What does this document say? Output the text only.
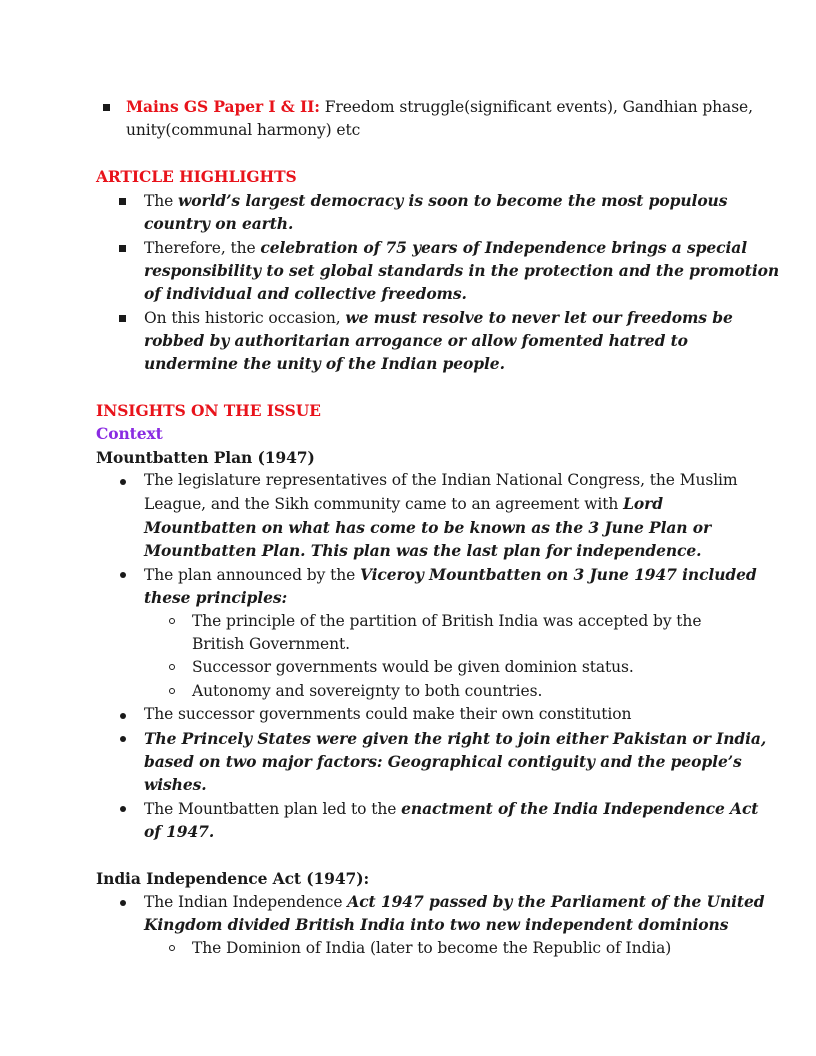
Mains GS Paper I & II: Freedom struggle(significant events), Gandhian phase,
unity(communal harmony) etc
ARTICLE HIGHLIGHTS
The world’s largest democracy is soon to become the most populous
country on earth.
Therefore, the celebration of 75 years of Independence brings a special
responsibility to set global standards in the protection and the promotion
of individual and collective freedoms.
On this historic occasion, we must resolve to never let our freedoms be
robbed by authoritarian arrogance or allow fomented hatred to
undermine the unity of the Indian people.
INSIGHTS ON THE ISSUE
Context
Mountbatten Plan (1947)
The legislature representatives of the Indian National Congress, the Muslim
League, and the Sikh community came to an agreement with Lord
Mountbatten on what has come to be known as the 3 June Plan or
Mountbatten Plan. This plan was the last plan for independence.
The plan announced by the Viceroy Mountbatten on 3 June 1947 included
these principles:
The principle of the partition of British India was accepted by the
British Government.
Successor governments would be given dominion status.
Autonomy and sovereignty to both countries.
The successor governments could make their own constitution
The Princely States were given the right to join either Pakistan or India,
based on two major factors: Geographical contiguity and the people’s
wishes.
The Mountbatten plan led to the enactment of the India Independence Act
of 1947.
India Independence Act (1947):
The Indian Independence Act 1947 passed by the Parliament of the United
Kingdom divided British India into two new independent dominions
The Dominion of India (later to become the Republic of India)
